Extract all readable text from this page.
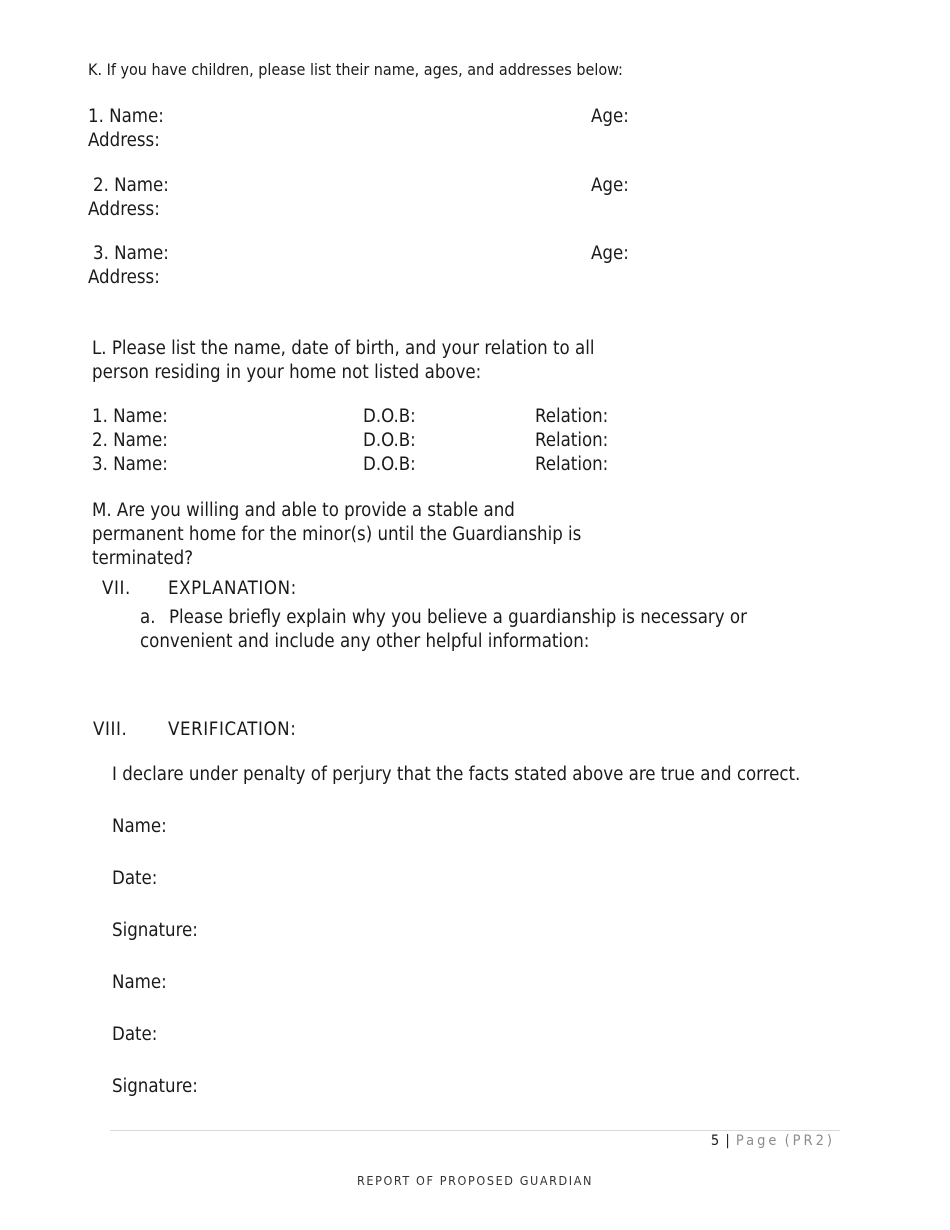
K. If you have children, please list their name, ages, and addresses below:
1. Name:	Age:
Address:
2. Name:	Age:
Address:
3. Name:	Age:
Address:
L. Please list the name, date of birth, and your relation to all
person residing in your home not listed above:
1. Name:	D.O.B:	Relation:
2. Name:	D.O.B:	Relation:
3. Name:	D.O.B:	Relation:
M. Are you willing and able to provide a stable and
permanent home for the minor(s) until the Guardianship is
terminated?
VII. EXPLANATION:
a. Please briefly explain why you believe a guardianship is necessary or
convenient and include any other helpful information:
VIII. VERIFICATION:
I declare under penalty of perjury that the facts stated above are true and correct.
Name:
Date:
Signature:
Name:
Date:
Signature:
5 | Page (PR2)
REPORT OF PROPOSED GUARDIAN
